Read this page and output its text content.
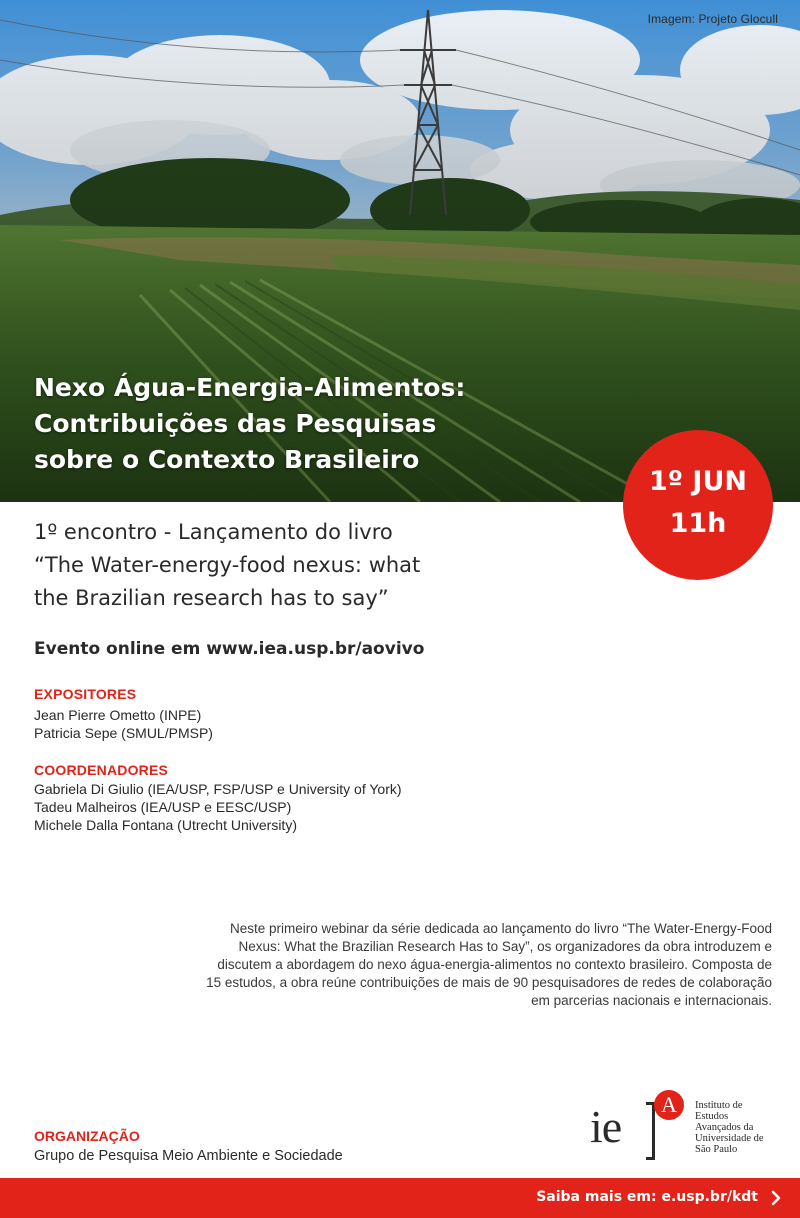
Imagem: Projeto Glocull
Nexo Água-Energia-Alimentos:
Contribuições das Pesquisas
sobre o Contexto Brasileiro
1º JUN
11h
1º encontro - Lançamento do livro
“The Water-energy-food nexus: what
the Brazilian research has to say”
Evento online em www.iea.usp.br/aovivo
EXPOSITORES
Jean Pierre Ometto (INPE)
Patricia Sepe (SMUL/PMSP)
COORDENADORES
Gabriela Di Giulio (IEA/USP, FSP/USP e University of York)
Tadeu Malheiros (IEA/USP e EESC/USP)
Michele Dalla Fontana (Utrecht University)
Neste primeiro webinar da série dedicada ao lançamento do livro “The Water-Energy-Food
Nexus: What the Brazilian Research Has to Say”, os organizadores da obra introduzem e
discutem a abordagem do nexo água-energia-alimentos no contexto brasileiro. Composta de
15 estudos, a obra reúne contribuições de mais de 90 pesquisadores de redes de colaboração
em parcerias nacionais e internacionais.
ORGANIZAÇÃO
Grupo de Pesquisa Meio Ambiente e Sociedade
ie	A	Instituto de
Estudos
Avançados da
Universidade de
São Paulo
Saiba mais em: e.usp.br/kdt
